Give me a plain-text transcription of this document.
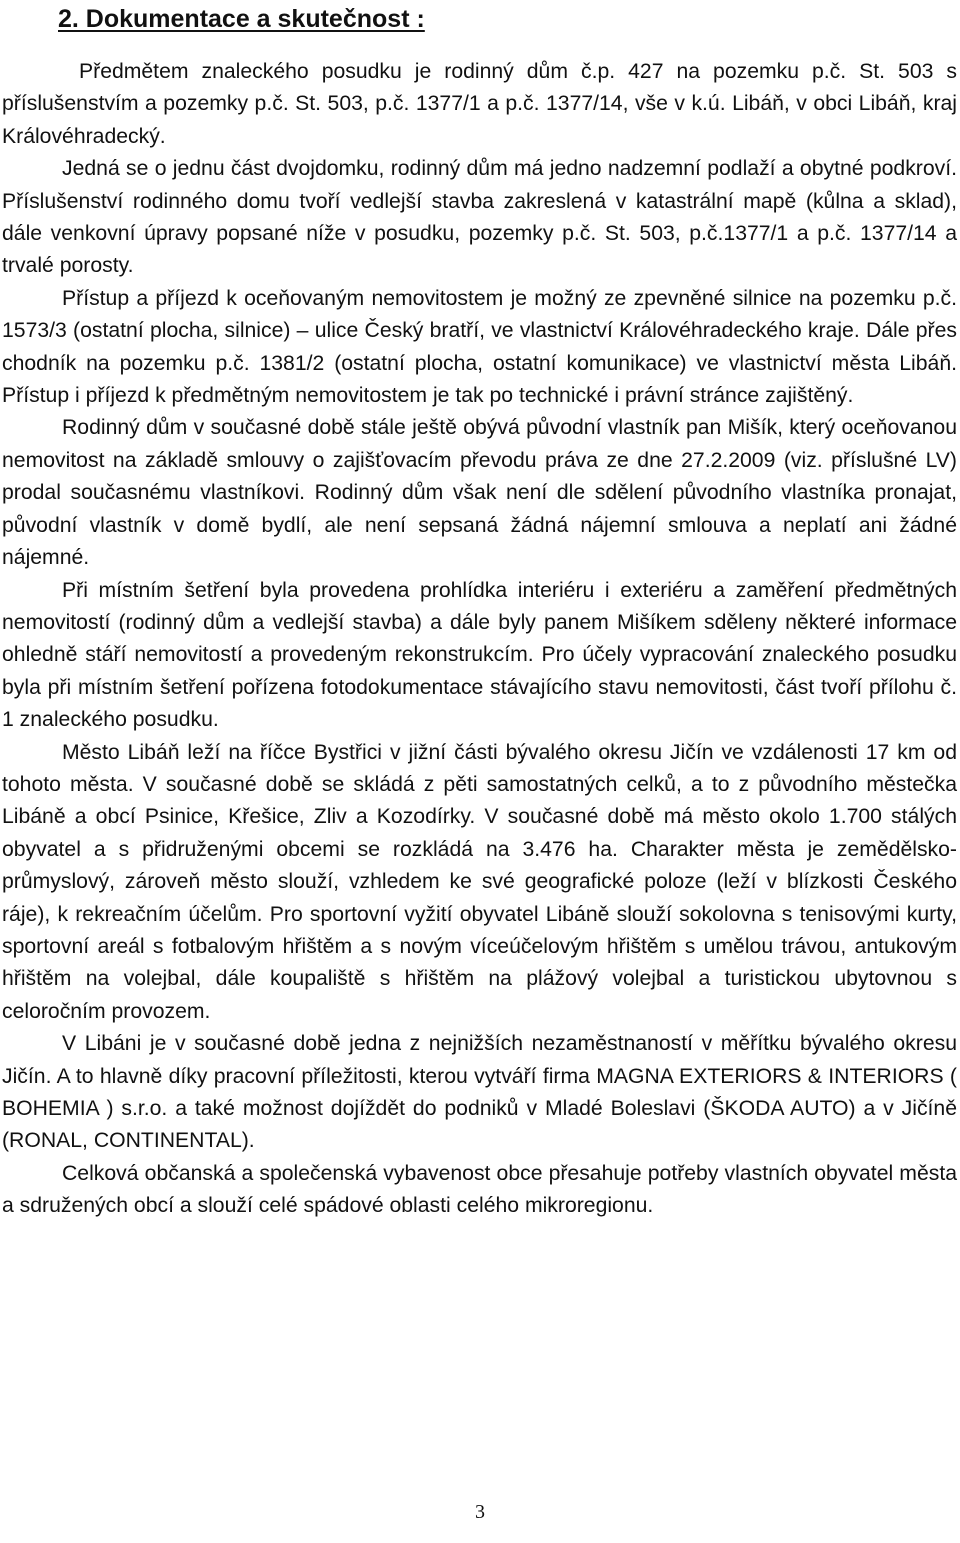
2. Dokumentace a skutečnost :

Předmětem znaleckého posudku je rodinný dům č.p. 427 na pozemku p.č. St. 503 s příslušenstvím a pozemky p.č. St. 503, p.č. 1377/1 a p.č. 1377/14, vše v k.ú. Libáň, v obci Libáň, kraj Královéhradecký.

Jedná se o jednu část dvojdomku, rodinný dům má jedno nadzemní podlaží a obytné podkroví. Příslušenství rodinného domu tvoří vedlejší stavba zakreslená v katastrální mapě (kůlna a sklad), dále venkovní úpravy popsané níže v posudku, pozemky p.č. St. 503, p.č.1377/1 a p.č. 1377/14 a trvalé porosty.

Přístup a příjezd k oceňovaným nemovitostem je možný ze zpevněné silnice na pozemku p.č. 1573/3 (ostatní plocha, silnice) – ulice Český bratří, ve vlastnictví Královéhradeckého kraje. Dále přes chodník na pozemku p.č. 1381/2 (ostatní plocha, ostatní komunikace) ve vlastnictví města Libáň. Přístup i příjezd k předmětným nemovitostem je tak po technické i právní stránce zajištěný.

Rodinný dům v současné době stále ještě obývá původní vlastník pan Mišík, který oceňovanou nemovitost na základě smlouvy o zajišťovacím převodu práva ze dne 27.2.2009 (viz. příslušné LV) prodal současnému vlastníkovi. Rodinný dům však není dle sdělení původního vlastníka pronajat, původní vlastník v domě bydlí, ale není sepsaná žádná nájemní smlouva a neplatí ani žádné nájemné.

Při místním šetření byla provedena prohlídka interiéru i exteriéru a zaměření předmětných nemovitostí (rodinný dům a vedlejší stavba) a dále byly panem Mišíkem sděleny některé informace ohledně stáří nemovitostí a provedeným rekonstrukcím. Pro účely vypracování znaleckého posudku byla při místním šetření pořízena fotodokumentace stávajícího stavu nemovitosti, část tvoří přílohu č. 1 znaleckého posudku.

Město Libáň leží na říčce Bystřici v jižní části bývalého okresu Jičín ve vzdálenosti 17 km od tohoto města. V současné době se skládá z pěti samostatných celků, a to z původního městečka Libáně a obcí Psinice, Křešice, Zliv a Kozodírky. V současné době má město okolo 1.700 stálých obyvatel a s přidruženými obcemi se rozkládá na 3.476 ha. Charakter města je zemědělsko-průmyslový, zároveň město slouží, vzhledem ke své geografické poloze (leží v blízkosti Českého ráje), k rekreačním účelům. Pro sportovní vyžití obyvatel Libáně slouží sokolovna s tenisovými kurty, sportovní areál s fotbalovým hřištěm a s novým víceúčelovým hřištěm s umělou trávou, antukovým hřištěm na volejbal, dále koupaliště s hřištěm na plážový volejbal a turistickou ubytovnou s celoročním provozem.

V Libáni je v současné době jedna z nejnižších nezaměstnaností v měřítku bývalého okresu Jičín. A to hlavně díky pracovní příležitosti, kterou vytváří firma MAGNA EXTERIORS & INTERIORS ( BOHEMIA ) s.r.o. a také možnost dojíždět do podniků v Mladé Boleslavi (ŠKODA AUTO) a v Jičíně (RONAL, CONTINENTAL).

Celková občanská a společenská vybavenost obce přesahuje potřeby vlastních obyvatel města a sdružených obcí a slouží celé spádové oblasti celého mikroregionu.

3
